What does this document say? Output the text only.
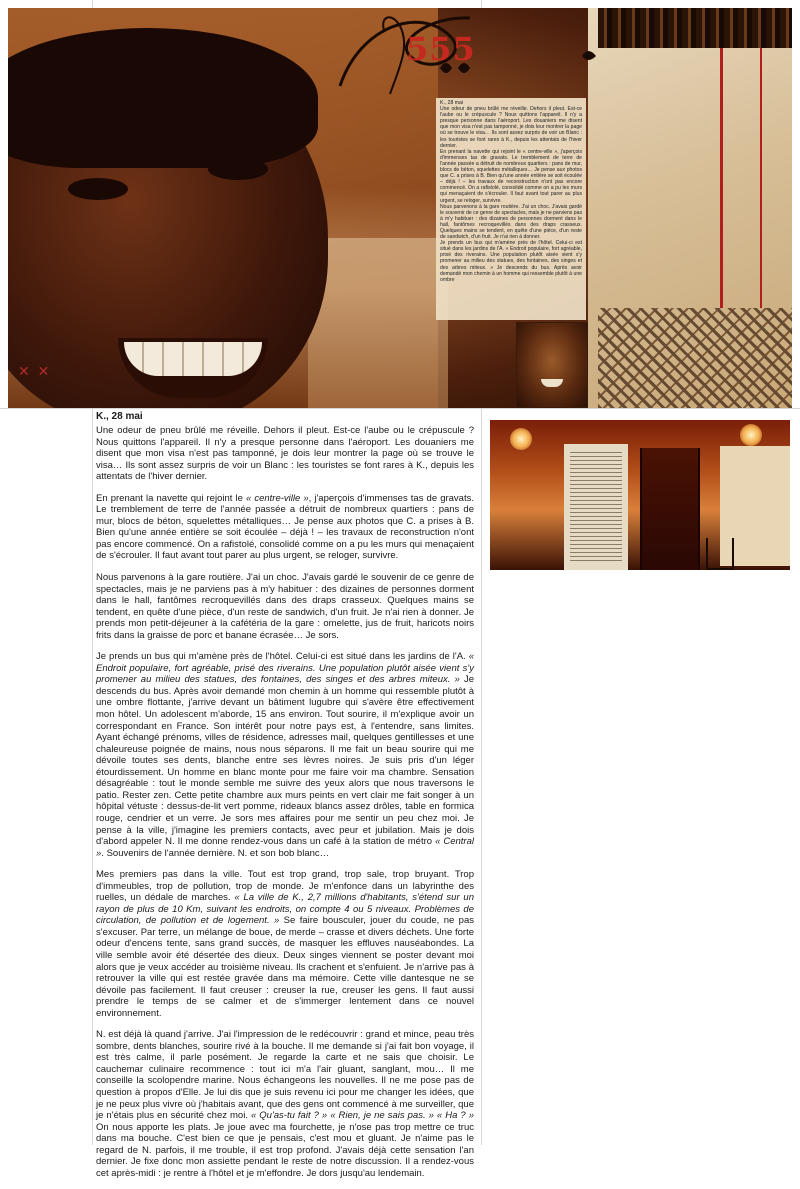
✕ ✕
555

K., 28 mai

Une odeur de pneu brûlé me réveille. Dehors il pleut. Est-ce l'aube ou le crépuscule ? Nous quittons l'appareil. Il n'y a presque personne dans l'aéroport. Les douaniers me disent que mon visa n'est pas tamponné, je dois leur montrer la page où se trouve le visa… Ils sont assez surpris de voir un Blanc : les touristes se font rares à K., depuis les attentats de l'hiver dernier.

En prenant la navette qui rejoint le « centre-ville », j'aperçois d'immenses tas de gravats. Le tremblement de terre de l'année passée a détruit de nombreux quartiers : pans de mur, blocs de béton, squelettes métalliques… Je pense aux photos que C. a prises à B. Bien qu'une année entière se soit écoulée – déjà ! – les travaux de reconstruction n'ont pas encore commencé. On a rafistolé, consolidé comme on a pu les murs qui menaçaient de s'écrouler. Il faut avant tout parer au plus urgent, se reloger, survivre.

Nous parvenons à la gare routière. J'ai un choc. J'avais gardé le souvenir de ce genre de spectacles, mais je ne parviens pas à m'y habituer : des dizaines de personnes dorment dans le hall, fantômes recroquevillés dans des draps crasseux. Quelques mains se tendent, en quête d'une pièce, d'un reste de sandwich, d'un fruit. Je n'ai rien à donner.

Je prends un bus qui m'amène près de l'hôtel. Celui-ci est situé dans les jardins de l'A. « Endroit populaire, fort agréable, prisé des riverains. Une population plutôt aisée vient s'y promener au milieu des statues, des fontaines, des singes et des arbres miteux. » Je descends du bus. Après avoir demandé mon chemin à un homme qui ressemble plutôt à une ombre

K., 28 mai

Une odeur de pneu brûlé me réveille. Dehors il pleut. Est-ce l'aube ou le crépuscule ? Nous quittons l'appareil. Il n'y a presque personne dans l'aéroport. Les douaniers me disent que mon visa n'est pas tamponné, je dois leur montrer la page où se trouve le visa… Ils sont assez surpris de voir un Blanc : les touristes se font rares à K., depuis les attentats de l'hiver dernier.

En prenant la navette qui rejoint le « centre-ville », j'aperçois d'immenses tas de gravats. Le tremblement de terre de l'année passée a détruit de nombreux quartiers : pans de mur, blocs de béton, squelettes métalliques… Je pense aux photos que C. a prises à B. Bien qu'une année entière se soit écoulée – déjà ! – les travaux de reconstruction n'ont pas encore commencé. On a rafistolé, consolidé comme on a pu les murs qui menaçaient de s'écrouler. Il faut avant tout parer au plus urgent, se reloger, survivre.

Nous parvenons à la gare routière. J'ai un choc. J'avais gardé le souvenir de ce genre de spectacles, mais je ne parviens pas à m'y habituer : des dizaines de personnes dorment dans le hall, fantômes recroquevillés dans des draps crasseux. Quelques mains se tendent, en quête d'une pièce, d'un reste de sandwich, d'un fruit. Je n'ai rien à donner. Je prends mon petit-déjeuner à la cafétéria de la gare : omelette, jus de fruit, haricots noirs frits dans la graisse de porc et banane écrasée… Je sors.

Je prends un bus qui m'amène près de l'hôtel. Celui-ci est situé dans les jardins de l'A. « Endroit populaire, fort agréable, prisé des riverains. Une population plutôt aisée vient s'y promener au milieu des statues, des fontaines, des singes et des arbres miteux. » Je descends du bus. Après avoir demandé mon chemin à un homme qui ressemble plutôt à une ombre flottante, j'arrive devant un bâtiment lugubre qui s'avère être effectivement mon hôtel. Un adolescent m'aborde, 15 ans environ. Tout sourire, il m'explique avoir un correspondant en France. Son intérêt pour notre pays est, à l'entendre, sans limites. Ayant échangé prénoms, villes de résidence, adresses mail, quelques gentillesses et une chaleureuse poignée de mains, nous nous séparons. Il me fait un beau sourire qui me dévoile toutes ses dents, blanche entre ses lèvres noires. Je suis pris d'un léger étourdissement. Un homme en blanc monte pour me faire voir ma chambre. Sensation désagréable : tout le monde semble me suivre des yeux alors que nous traversons le patio. Rester zen. Cette petite chambre aux murs peints en vert clair me fait songer à un hôpital vétuste : dessus-de-lit vert pomme, rideaux blancs assez drôles, table en formica rouge, cendrier et un verre. Je sors mes affaires pour me sentir un peu chez moi. Je pense à la ville, j'imagine les premiers contacts, avec peur et jubilation. Mais je dois d'abord appeler N. Il me donne rendez-vous dans un café à la station de métro « Central ». Souvenirs de l'année dernière. N. et son bob blanc…

Mes premiers pas dans la ville. Tout est trop grand, trop sale, trop bruyant. Trop d'immeubles, trop de pollution, trop de monde. Je m'enfonce dans un labyrinthe des ruelles, un dédale de marches. « La ville de K., 2,7 millions d'habitants, s'étend sur un rayon de plus de 10 Km, suivant les endroits, on compte 4 ou 5 niveaux. Problèmes de circulation, de pollution et de logement. » Se faire bousculer, jouer du coude, ne pas s'excuser. Par terre, un mélange de boue, de merde – crasse et divers déchets. Une forte odeur d'encens tente, sans grand succès, de masquer les effluves nauséabondes. La ville semble avoir été désertée des dieux. Deux singes viennent se poster devant moi alors que je veux accéder au troisième niveau. Ils crachent et s'enfuient. Je n'arrive pas à retrouver la ville qui est restée gravée dans ma mémoire. Cette ville dantesque ne se dévoile pas facilement. Il faut creuser : creuser la rue, creuser les gens. Il faut aussi prendre le temps de se calmer et de s'immerger lentement dans ce nouvel environnement.

N. est déjà là quand j'arrive. J'ai l'impression de le redécouvrir : grand et mince, peau très sombre, dents blanches, sourire rivé à la bouche. Il me demande si j'ai fait bon voyage, il est très calme, il parle posément. Je regarde la carte et ne sais que choisir. Le cauchemar culinaire recommence : tout ici m'a l'air gluant, sanglant, mou… Il me conseille la scolopendre marine. Nous échangeons les nouvelles. Il ne me pose pas de question à propos d'Elle. Je lui dis que je suis revenu ici pour me changer les idées, que je ne peux plus vivre où j'habitais avant, que des gens ont commencé à me surveiller, que je n'étais plus en sécurité chez moi. « Qu'as-tu fait ? » « Rien, je ne sais pas. » « Ha ? » On nous apporte les plats. Je joue avec ma fourchette, je n'ose pas trop mettre ce truc dans ma bouche. C'est bien ce que je pensais, c'est mou et gluant. Je n'aime pas le regard de N. parfois, il me trouble, il est trop profond. J'avais déjà cette sensation l'an dernier. Je fixe donc mon assiette pendant le reste de notre discussion. Il a rendez-vous cet après-midi : je rentre à l'hôtel et je m'effondre. Je dors jusqu'au lendemain.
